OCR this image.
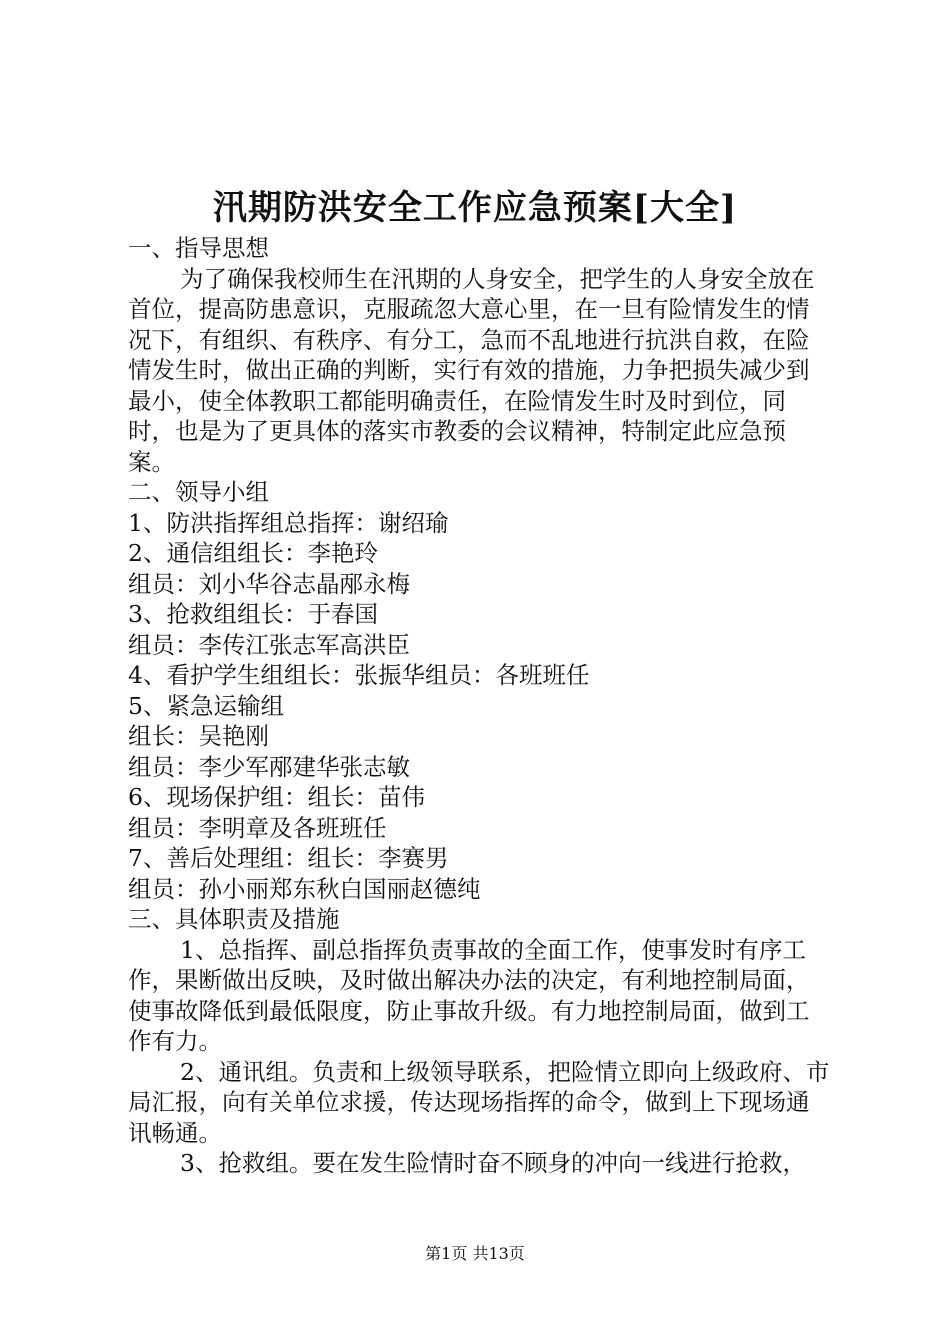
汛期防洪安全工作应急预案[大全]

一、指导思想

为了确保我校师生在汛期的人身安全，把学生的人身安全放在首位，提高防患意识，克服疏忽大意心里，在一旦有险情发生的情况下，有组织、有秩序、有分工，急而不乱地进行抗洪自救，在险情发生时，做出正确的判断，实行有效的措施，力争把损失减少到最小，使全体教职工都能明确责任，在险情发生时及时到位，同时，也是为了更具体的落实市教委的会议精神，特制定此应急预案。

二、领导小组

1、防洪指挥组总指挥：谢绍瑜

2、通信组组长：李艳玲

组员：刘小华谷志晶邴永梅

3、抢救组组长：于春国

组员：李传江张志军高洪臣

4、看护学生组组长：张振华组员：各班班任

5、紧急运输组

组长：吴艳刚

组员：李少军邴建华张志敏

6、现场保护组：组长：苗伟

组员：李明章及各班班任

7、善后处理组：组长：李赛男

组员：孙小丽郑东秋白国丽赵德纯

三、具体职责及措施

1、总指挥、副总指挥负责事故的全面工作，使事发时有序工作，果断做出反映，及时做出解决办法的决定，有利地控制局面，使事故降低到最低限度，防止事故升级。有力地控制局面，做到工作有力。

2、通讯组。负责和上级领导联系，把险情立即向上级政府、市局汇报，向有关单位求援，传达现场指挥的命令，做到上下现场通讯畅通。

3、抢救组。要在发生险情时奋不顾身的冲向一线进行抢救，

第1页 共13页
